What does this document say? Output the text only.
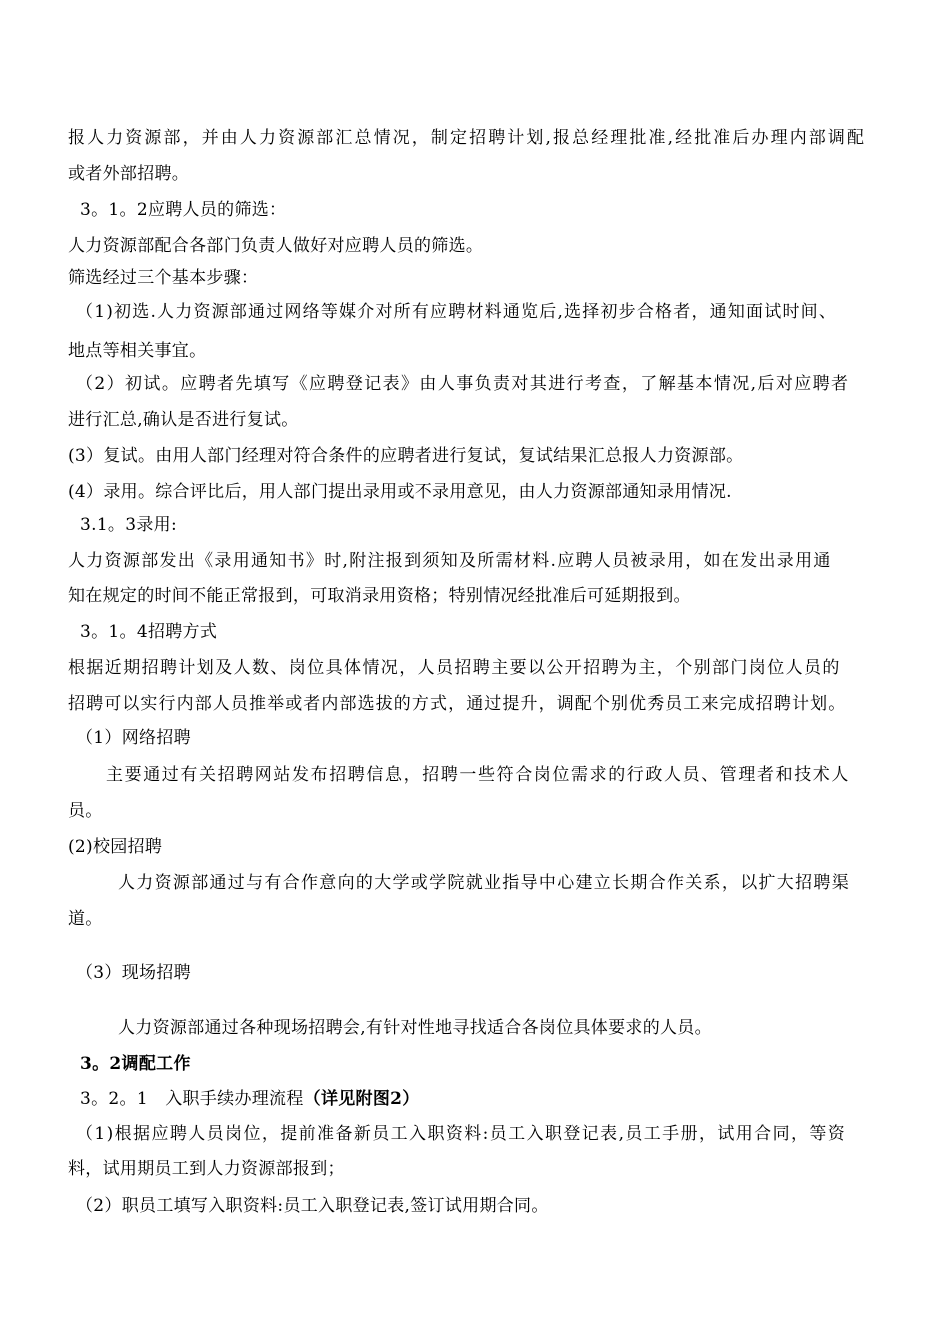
报人力资源部，并由人力资源部汇总情况，制定招聘计划,报总经理批准,经批准后办理内部调配
或者外部招聘。
3。1。2应聘人员的筛选：
人力资源部配合各部门负责人做好对应聘人员的筛选。
筛选经过三个基本步骤：
（1)初选.人力资源部通过网络等媒介对所有应聘材料通览后,选择初步合格者，通知面试时间、
地点等相关事宜。
（2）初试。应聘者先填写《应聘登记表》由人事负责对其进行考查，了解基本情况,后对应聘者
进行汇总,确认是否进行复试。
(3）复试。由用人部门经理对符合条件的应聘者进行复试，复试结果汇总报人力资源部。
(4）录用。综合评比后，用人部门提出录用或不录用意见，由人力资源部通知录用情况.
3.1。3录用:
人力资源部发出《录用通知书》时,附注报到须知及所需材料.应聘人员被录用，如在发出录用通
知在规定的时间不能正常报到，可取消录用资格；特别情况经批准后可延期报到。
3。1。4招聘方式
根据近期招聘计划及人数、岗位具体情况，人员招聘主要以公开招聘为主，个别部门岗位人员的
招聘可以实行内部人员推举或者内部选拔的方式，通过提升，调配个别优秀员工来完成招聘计划。
（1）网络招聘
主要通过有关招聘网站发布招聘信息，招聘一些符合岗位需求的行政人员、管理者和技术人
员。
(2)校园招聘
人力资源部通过与有合作意向的大学或学院就业指导中心建立长期合作关系，以扩大招聘渠
道。
（3）现场招聘
人力资源部通过各种现场招聘会,有针对性地寻找适合各岗位具体要求的人员。
3。2调配工作
3。2。1　入职手续办理流程（详见附图2）
（1)根据应聘人员岗位，提前准备新员工入职资料:员工入职登记表,员工手册，试用合同，等资
料，试用期员工到人力资源部报到；
（2）职员工填写入职资料:员工入职登记表,签订试用期合同。
